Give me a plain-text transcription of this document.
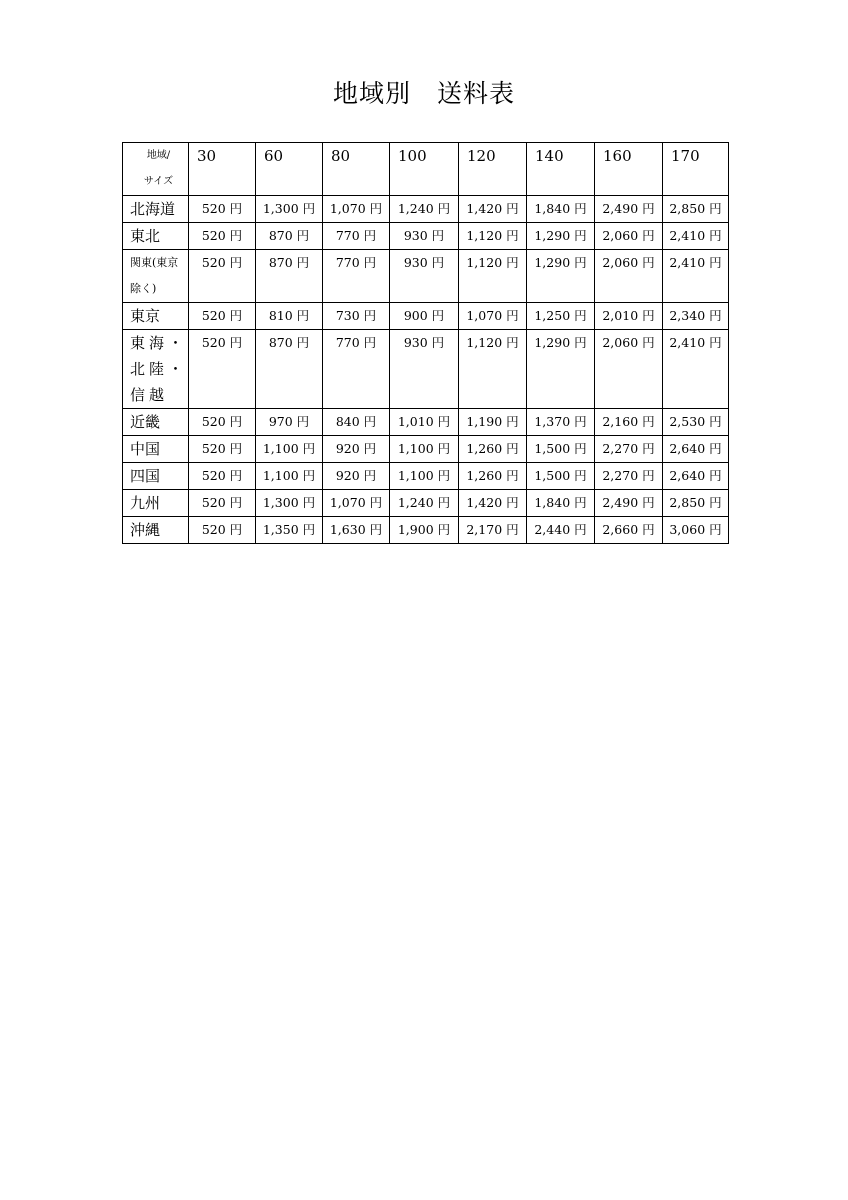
地域別　送料表
地域/
サイズ	30	60	80	100	120	140	160	170

北海道	520 円	1,300 円	1,070 円	1,240 円	1,420 円	1,840 円	2,490 円	2,850 円

東北	520 円	870 円	770 円	930 円	1,120 円	1,290 円	2,060 円	2,410 円

関東(東京
除く)	520 円	870 円	770 円	930 円	1,120 円	1,290 円	2,060 円	2,410 円

東京	520 円	810 円	730 円	900 円	1,070 円	1,250 円	2,010 円	2,340 円

東海・
北陸・
信越	520 円	870 円	770 円	930 円	1,120 円	1,290 円	2,060 円	2,410 円

近畿	520 円	970 円	840 円	1,010 円	1,190 円	1,370 円	2,160 円	2,530 円

中国	520 円	1,100 円	920 円	1,100 円	1,260 円	1,500 円	2,270 円	2,640 円

四国	520 円	1,100 円	920 円	1,100 円	1,260 円	1,500 円	2,270 円	2,640 円

九州	520 円	1,300 円	1,070 円	1,240 円	1,420 円	1,840 円	2,490 円	2,850 円

沖縄	520 円	1,350 円	1,630 円	1,900 円	2,170 円	2,440 円	2,660 円	3,060 円
